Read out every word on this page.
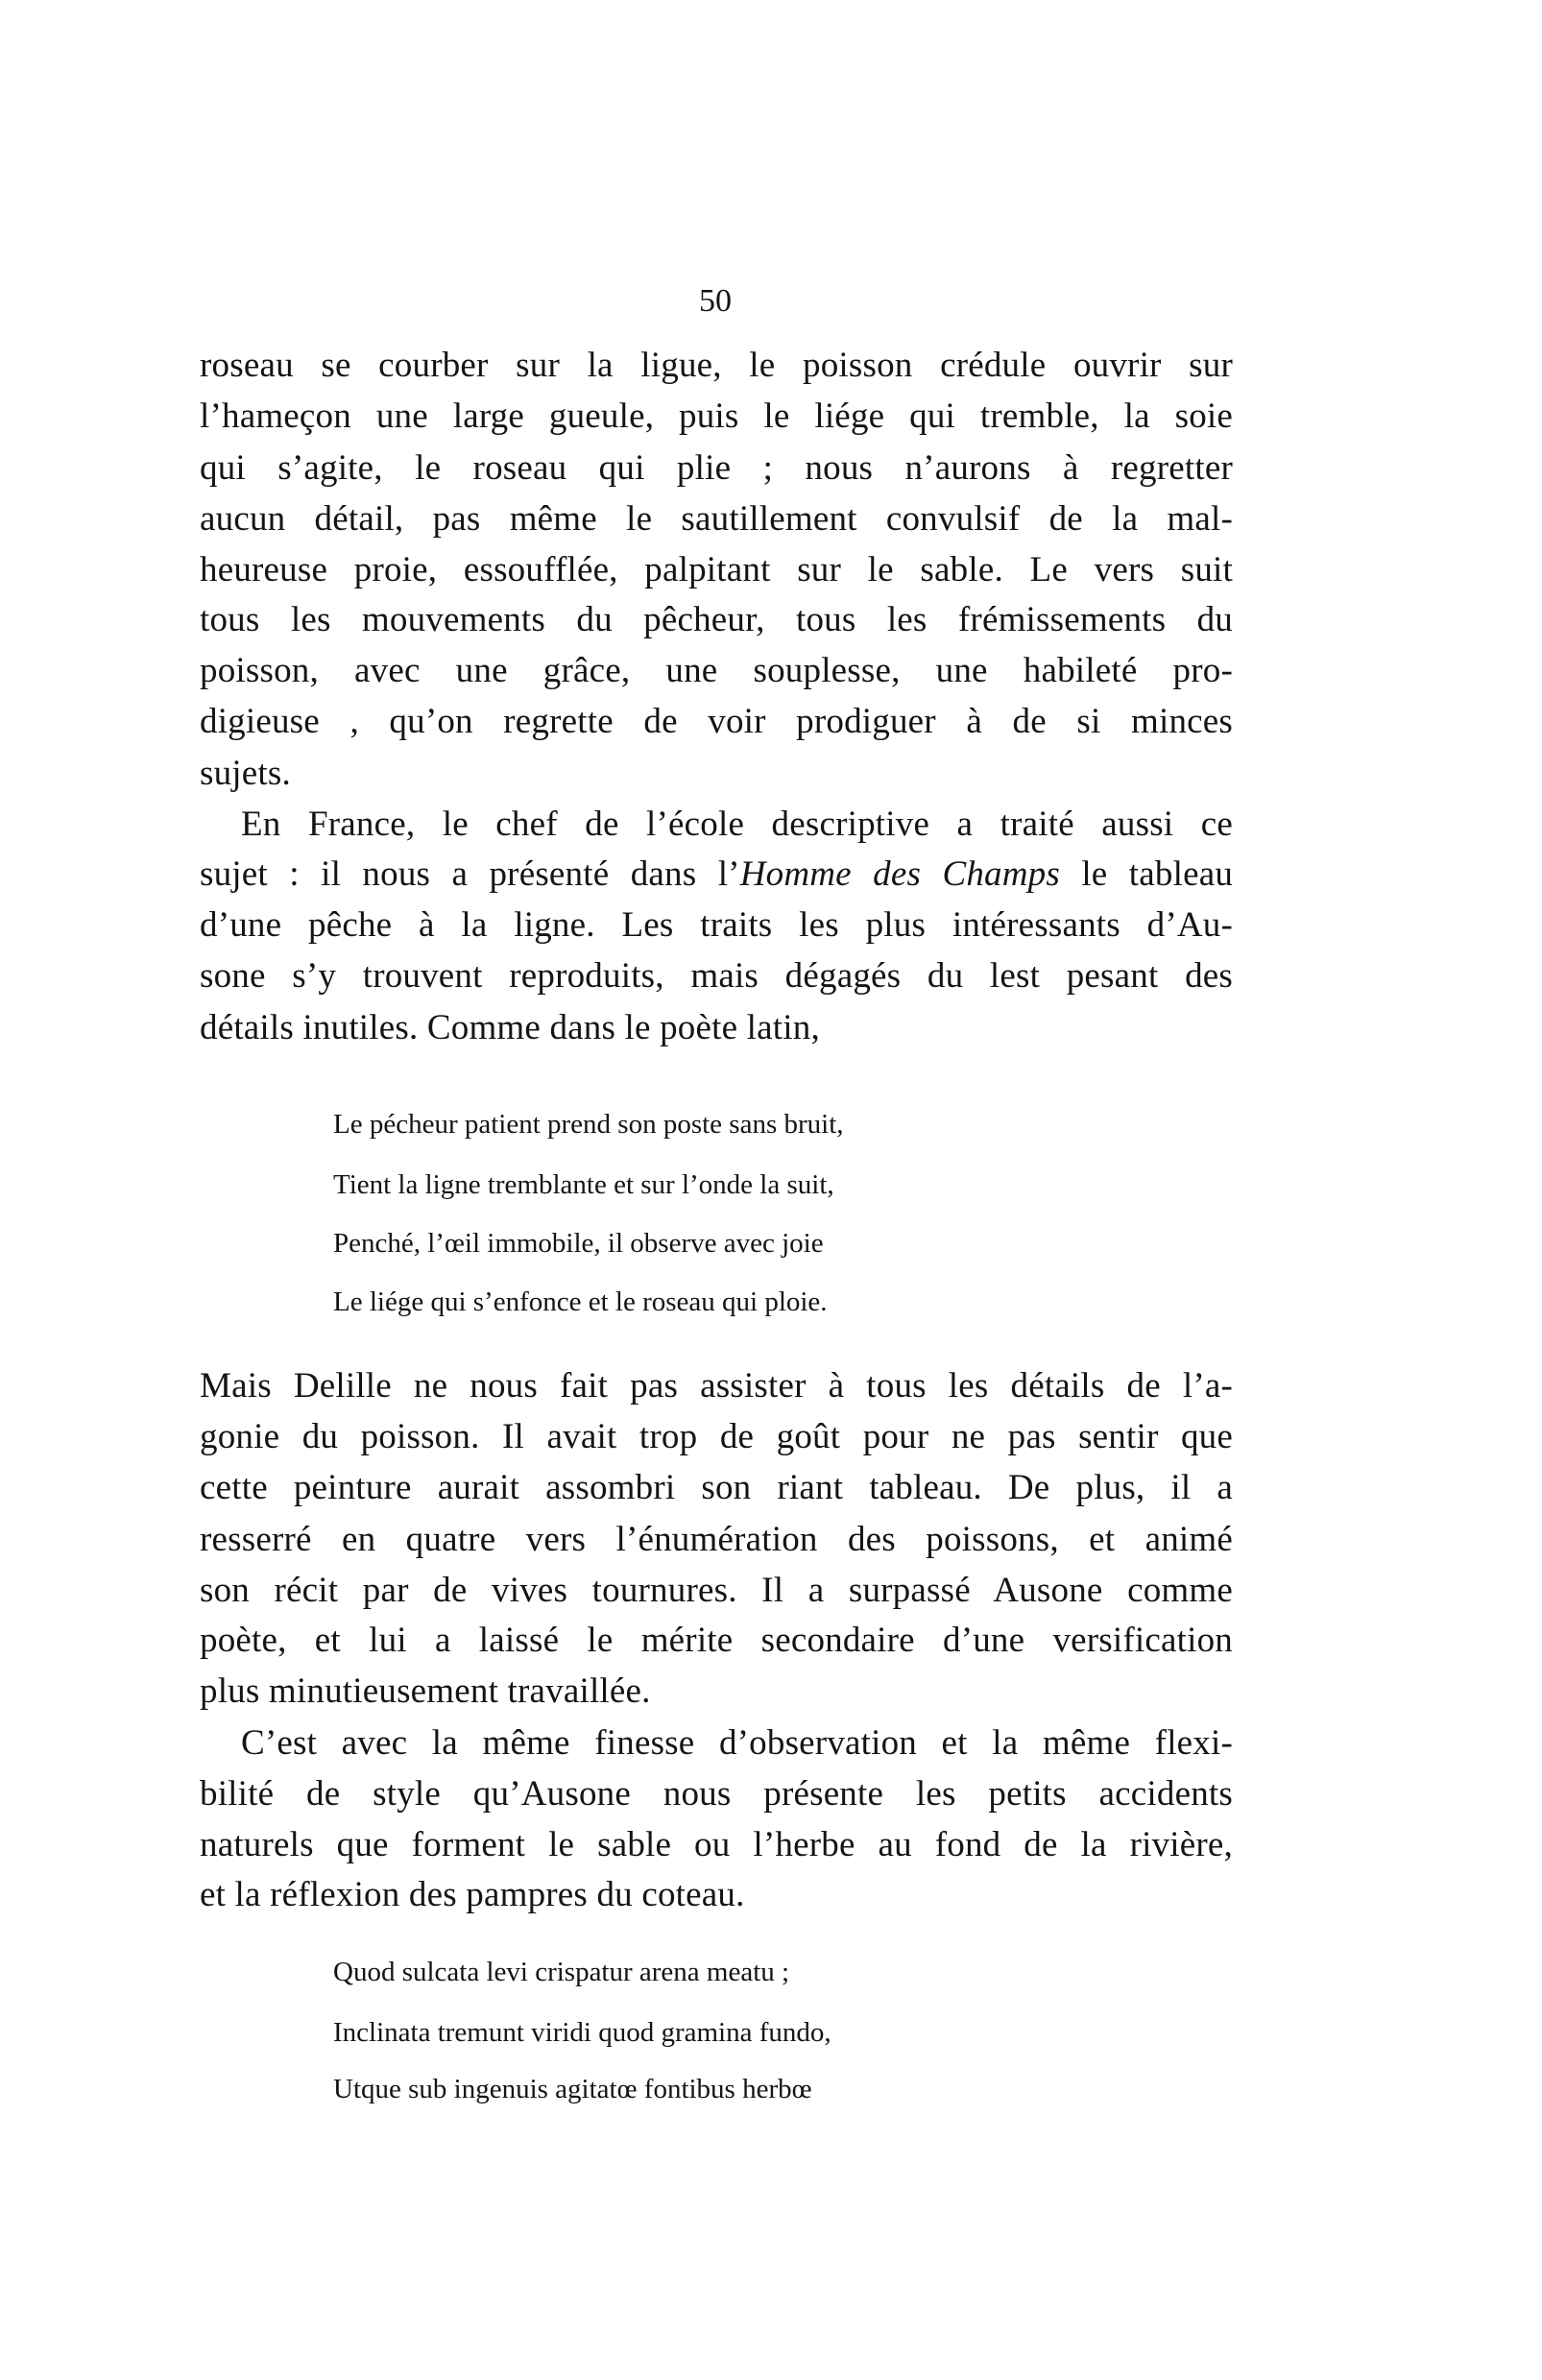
50
roseau se courber sur la ligue, le poisson crédule ouvrir sur
l’hameçon une large gueule, puis le liége qui tremble, la soie
qui s’agite, le roseau qui plie ; nous n’aurons à regretter
aucun détail, pas même le sautillement convulsif de la mal-
heureuse proie, essoufflée, palpitant sur le sable. Le vers suit
tous les mouvements du pêcheur, tous les frémissements du
poisson, avec une grâce, une souplesse, une habileté pro-
digieuse , qu’on regrette de voir prodiguer à de si minces
sujets.
En France, le chef de l’école descriptive a traité aussi ce
sujet : il nous a présenté dans l’Homme des Champs le tableau
d’une pêche à la ligne. Les traits les plus intéressants d’Au-
sone s’y trouvent reproduits, mais dégagés du lest pesant des
détails inutiles. Comme dans le poète latin,
Le pécheur patient prend son poste sans bruit,
Tient la ligne tremblante et sur l’onde la suit,
Penché, l’œil immobile, il observe avec joie
Le liége qui s’enfonce et le roseau qui ploie.
Mais Delille ne nous fait pas assister à tous les détails de l’a-
gonie du poisson. Il avait trop de goût pour ne pas sentir que
cette peinture aurait assombri son riant tableau. De plus, il a
resserré en quatre vers l’énumération des poissons, et animé
son récit par de vives tournures. Il a surpassé Ausone comme
poète, et lui a laissé le mérite secondaire d’une versification
plus minutieusement travaillée.
C’est avec la même finesse d’observation et la même flexi-
bilité de style qu’Ausone nous présente les petits accidents
naturels que forment le sable ou l’herbe au fond de la rivière,
et la réflexion des pampres du coteau.
Quod sulcata levi crispatur arena meatu ;
Inclinata tremunt viridi quod gramina fundo,
Utque sub ingenuis agitatœ fontibus herbœ
